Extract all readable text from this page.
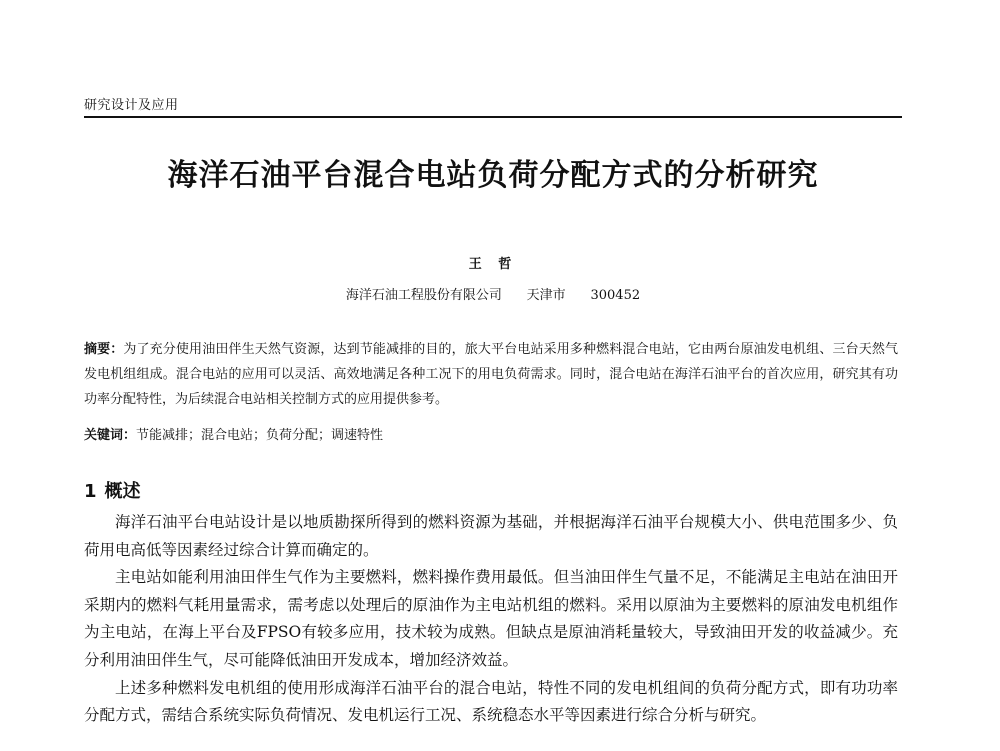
研究设计及应用
海洋石油平台混合电站负荷分配方式的分析研究
王 哲
海洋石油工程股份有限公司 天津市 300452
摘要：为了充分使用油田伴生天然气资源，达到节能减排的目的，旅大平台电站采用多种燃料混合电站，它由两台原油发电机组、三台天然气发电机组组成。混合电站的应用可以灵活、高效地满足各种工况下的用电负荷需求。同时，混合电站在海洋石油平台的首次应用，研究其有功功率分配特性，为后续混合电站相关控制方式的应用提供参考。
关键词：节能减排；混合电站；负荷分配；调速特性
1 概述

海洋石油平台电站设计是以地质勘探所得到的燃料资源为基础，并根据海洋石油平台规模大小、供电范围多少、负荷用电高低等因素经过综合计算而确定的。

主电站如能利用油田伴生气作为主要燃料，燃料操作费用最低。但当油田伴生气量不足，不能满足主电站在油田开采期内的燃料气耗用量需求，需考虑以处理后的原油作为主电站机组的燃料。采用以原油为主要燃料的原油发电机组作为主电站，在海上平台及FPSO有较多应用，技术较为成熟。但缺点是原油消耗量较大，导致油田开发的收益减少。充分利用油田伴生气，尽可能降低油田开发成本，增加经济效益。

上述多种燃料发电机组的使用形成海洋石油平台的混合电站，特性不同的发电机组间的负荷分配方式，即有功功率分配方式，需结合系统实际负荷情况、发电机运行工况、系统稳态水平等因素进行综合分析与研究。
